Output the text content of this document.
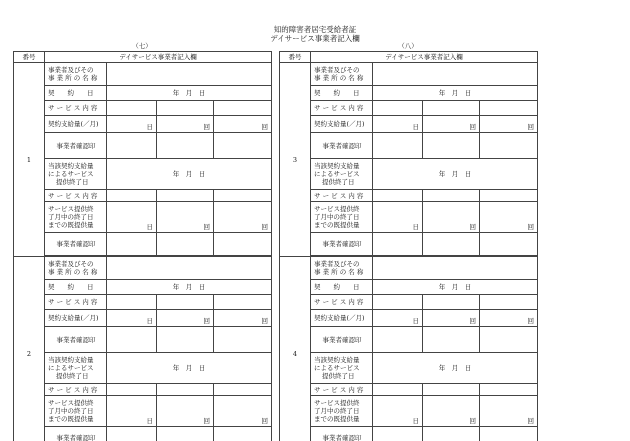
知的障害者居宅受給者証
デイサービス事業者記入欄
（七）
番号	デイサービス事業者記入欄			
1	事業者及びその
事 業 所 の 名 称			

	契　　約　　日	年　月　日		
	サ ー ビ ス 内 容			
	契約支給量(／月)	日	回	回
	事業者確認印			

	当該契約支給量
によるサービス
提供終了日	年　月　日		
	サ ー ビ ス 内 容			

	サービス提供終
了月中の終了日
までの既提供量	日	回	回
	事業者確認印			

2	事業者及びその
事 業 所 の 名 称			

	契　　約　　日	年　月　日		
	サ ー ビ ス 内 容			
	契約支給量(／月)	日	回	回
	事業者確認印			

	当該契約支給量
によるサービス
提供終了日	年　月　日		
	サ ー ビ ス 内 容			

	サービス提供終
了月中の終了日
までの既提供量	日	回	回
	事業者確認印			

（八）
番号	デイサービス事業者記入欄			
3	事業者及びその
事 業 所 の 名 称			

	契　　約　　日	年　月　日		
	サ ー ビ ス 内 容			
	契約支給量(／月)	日	回	回
	事業者確認印			

	当該契約支給量
によるサービス
提供終了日	年　月　日		
	サ ー ビ ス 内 容			

	サービス提供終
了月中の終了日
までの既提供量	日	回	回
	事業者確認印			

4	事業者及びその
事 業 所 の 名 称			

	契　　約　　日	年　月　日		
	サ ー ビ ス 内 容			
	契約支給量(／月)	日	回	回
	事業者確認印			

	当該契約支給量
によるサービス
提供終了日	年　月　日		
	サ ー ビ ス 内 容			

	サービス提供終
了月中の終了日
までの既提供量	日	回	回
	事業者確認印			
